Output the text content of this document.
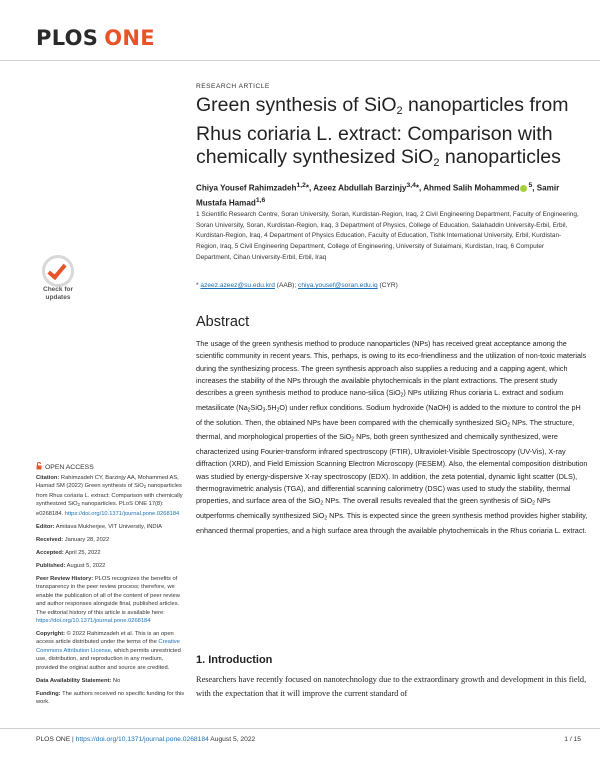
PLOS ONE
RESEARCH ARTICLE
Green synthesis of SiO$_2$ nanoparticles from Rhus coriaria L. extract: Comparison with chemically synthesized SiO$_2$ nanoparticles
Chiya Yousef Rahimzadeh$^{1,2}$*, Azeez Abdullah Barzinjy$^{3,4}$*, Ahmed Salih Mohammed $^5$, Samir Mustafa Hamad$^{1,6}$
1 Scientific Research Centre, Soran University, Soran, Kurdistan-Region, Iraq, 2 Civil Engineering Department, Faculty of Engineering, Soran University, Soran, Kurdistan-Region, Iraq, 3 Department of Physics, College of Education, Salahaddin University-Erbil, Erbil, Kurdistan-Region, Iraq, 4 Department of Physics Education, Faculty of Education, Tishk International University, Erbil, Kurdistan-Region, Iraq, 5 Civil Engineering Department, College of Engineering, University of Sulaimani, Kurdistan, Iraq, 6 Computer Department, Cihan University-Erbil, Erbil, Iraq
* azeez.azeez@su.edu.krd (AAB); chiya.yousef@soran.edu.iq (CYR)
Abstract
The usage of the green synthesis method to produce nanoparticles (NPs) has received great acceptance among the scientific community in recent years. This, perhaps, is owing to its eco-friendliness and the utilization of non-toxic materials during the synthesizing process. The green synthesis approach also supplies a reducing and a capping agent, which increases the stability of the NPs through the available phytochemicals in the plant extractions. The present study describes a green synthesis method to produce nano-silica (SiO$_2$) NPs utilizing Rhus coriaria L. extract and sodium metasilicate $(Na_2SiO_3.5H_2O)$ under reflux conditions. Sodium hydroxide (NaOH) is added to the mixture to control the pH of the solution. Then, the obtained NPs have been compared with the chemically synthesized SiO$_2$ NPs. The structure, thermal, and morphological properties of the SiO$_2$ NPs, both green synthesized and chemically synthesized, were characterized using Fourier-transform infrared spectroscopy (FTIR), Ultraviolet-Visible Spectroscopy (UV-Vis), X-ray diffraction (XRD), and Field Emission Scanning Electron Microscopy (FESEM). Also, the elemental composition distribution was studied by energy-dispersive X-ray spectroscopy (EDX). In addition, the zeta potential, dynamic light scatter (DLS), thermogravimetric analysis (TGA), and differential scanning calorimetry (DSC) was used to study the stability, thermal properties, and surface area of the SiO$_2$ NPs. The overall results revealed that the green synthesis of SiO$_2$ NPs outperforms chemically synthesized SiO$_2$ NPs. This is expected since the green synthesis method provides higher stability, enhanced thermal properties, and a high surface area through the available phytochemicals in the Rhus coriaria L. extract.
1. Introduction
Researchers have recently focused on nanotechnology due to the extraordinary growth and development in this field, with the expectation that it will improve the current standard of
Check for
updates
OPEN ACCESS
Citation: Rahimzadeh CY, Barzinjy AA, Mohammed AS, Hamad SM (2022) Green synthesis of SiO$_2$ nanoparticles from Rhus coriaria L. extract: Comparison with chemically synthesized SiO$_2$ nanoparticles. PLoS ONE 17(8): e0268184. https://doi.org/10.1371/journal.pone.0268184
Editor: Amitava Mukherjee, VIT University, INDIA
Received: January 28, 2022
Accepted: April 25, 2022
Published: August 5, 2022
Peer Review History: PLOS recognizes the benefits of transparency in the peer review process; therefore, we enable the publication of all of the content of peer review and author responses alongside final, published articles. The editorial history of this article is available here: https://doi.org/10.1371/journal.pone.0268184
Copyright: © 2022 Rahimzadeh et al. This is an open access article distributed under the terms of the Creative Commons Attribution License, which permits unrestricted use, distribution, and reproduction in any medium, provided the original author and source are credited.
Data Availability Statement: No
Funding: The authors received no specific funding for this work.
PLOS ONE | https://doi.org/10.1371/journal.pone.0268184 August 5, 2022	1 / 15
